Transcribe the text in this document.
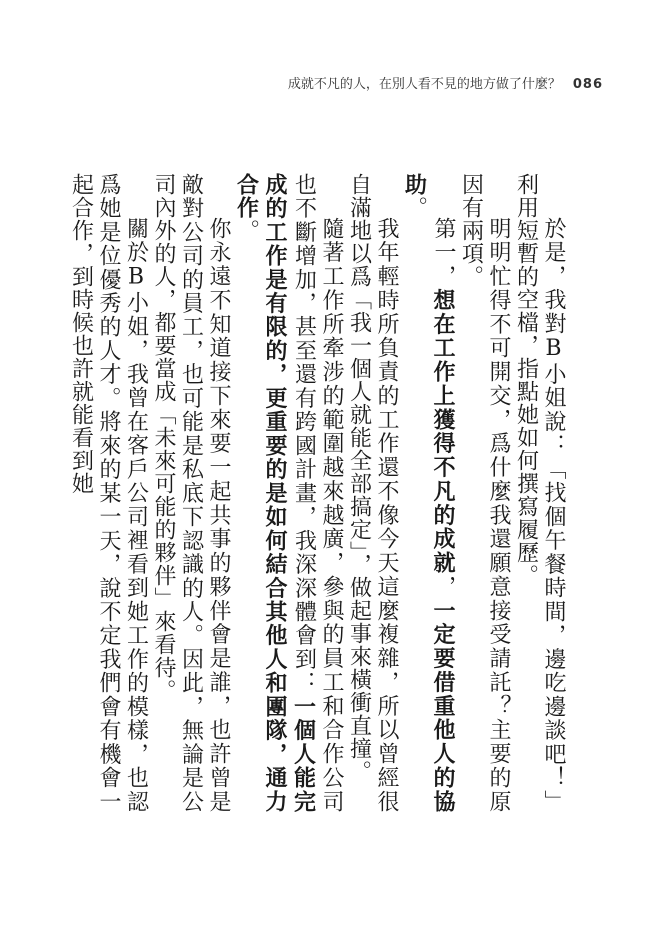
成就不凡的人，在別人看不見的地方做了什麼？ 086

於是，我對B小姐說：「找個午餐時間，邊吃邊談吧！」利用短暫的空檔，指點她如何撰寫履歷。

明明忙得不可開交，爲什麼我還願意接受請託？主要的原因有兩項。

第一，想在工作上獲得不凡的成就，一定要借重他人的協助。

我年輕時所負責的工作還不像今天這麼複雜，所以曾經很自滿地以爲「我一個人就能全部搞定」，做起事來橫衝直撞。

隨著工作所牽涉的範圍越來越廣，參與的員工和合作公司也不斷增加，甚至還有跨國計畫，我深深體會到：一個人能完成的工作是有限的，更重要的是如何結合其他人和團隊，通力合作。

你永遠不知道接下來要一起共事的夥伴會是誰，也許曾是敵對公司的員工，也可能是私底下認識的人。因此，無論是公司內外的人，都要當成「未來可能的夥伴」來看待。

關於B小姐，我曾在客戶公司裡看到她工作的模樣，也認爲她是位優秀的人才。將來的某一天，說不定我們會有機會一起合作，到時候也許就能看到她
